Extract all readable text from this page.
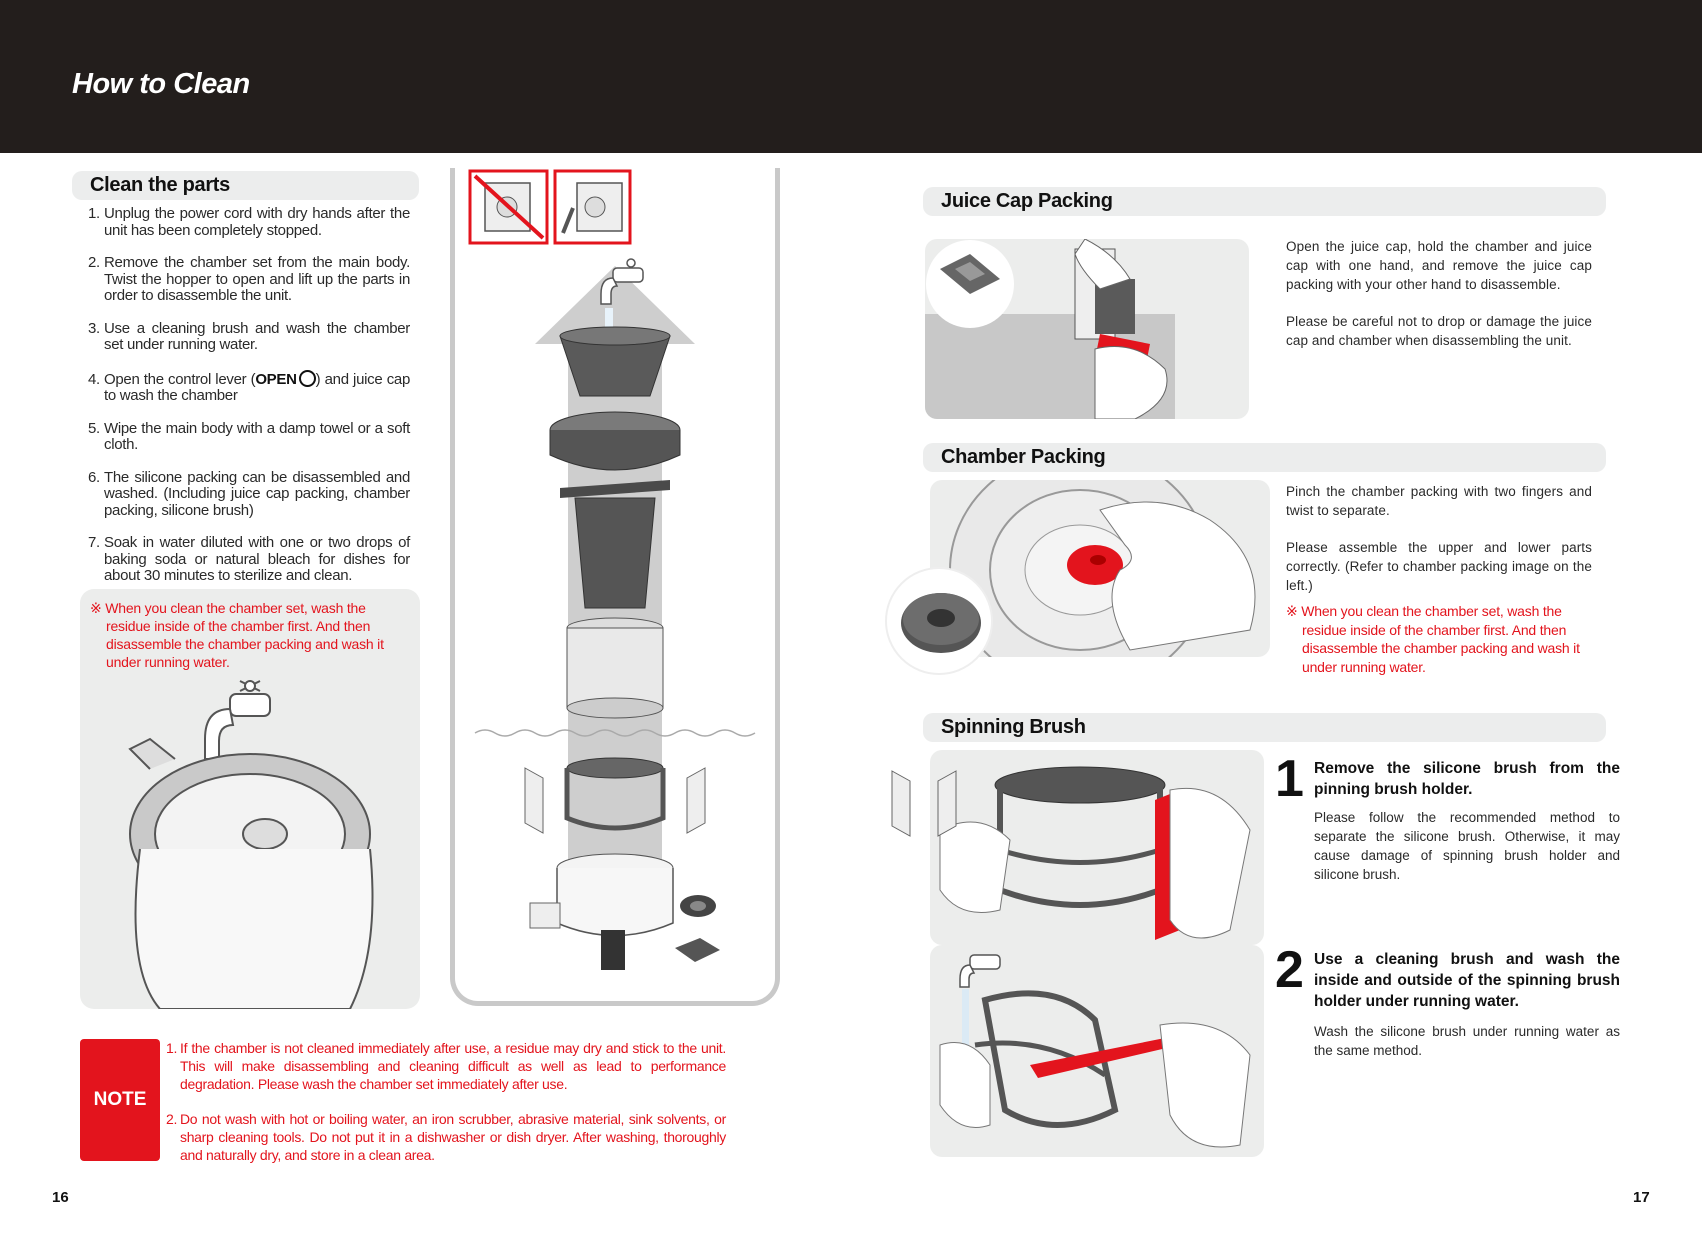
How to Clean
Clean the parts
1. Unplug the power cord with dry hands after the unit has been completely stopped.
2. Remove the chamber set from the main body. Twist the hopper to open and lift up the parts in order to disassemble the unit.
3. Use a cleaning brush and wash the chamber set under running water.
4. Open the control lever (OPEN ) and juice cap to wash the chamber
5. Wipe the main body with a damp towel or a soft cloth.
6. The silicone packing can be disassembled and washed. (Including juice cap packing, chamber packing, silicone brush)
7. Soak in water diluted with one or two drops of baking soda or natural bleach for dishes for about 30 minutes to sterilize and clean.
※ When you clean the chamber set, wash the residue inside of the chamber first. And then disassemble the chamber packing and wash it under running water.
NOTE
1. If the chamber is not cleaned immediately after use, a residue may dry and stick to the unit. This will make disassembling and cleaning difficult as well as lead to performance degradation. Please wash the chamber set immediately after use.
2. Do not wash with hot or boiling water, an iron scrubber, abrasive material, sink solvents, or sharp cleaning tools. Do not put it in a dishwasher or dish dryer. After washing, thoroughly and naturally dry, and store in a clean area.
16
Juice Cap Packing

Open the juice cap, hold the chamber and juice cap with one hand, and remove the juice cap packing with your other hand to disassemble.

Please be careful not to drop or damage the juice cap and chamber when disassembling the unit.

Chamber Packing

Pinch the chamber packing with two fingers and twist to separate.

Please assemble the upper and lower parts correctly. (Refer to chamber packing image on the left.)

※ When you clean the chamber set, wash the residue inside of the chamber first. And then disassemble the chamber packing and wash it under running water.
Spinning Brush
1 Remove the silicone brush from the pinning brush holder.
Please follow the recommended method to separate the silicone brush. Otherwise, it may cause damage of spinning brush holder and silicone brush.
2 Use a cleaning brush and wash the inside and outside of the spinning brush holder under running water.
Wash the silicone brush under running water as the same method.
17
